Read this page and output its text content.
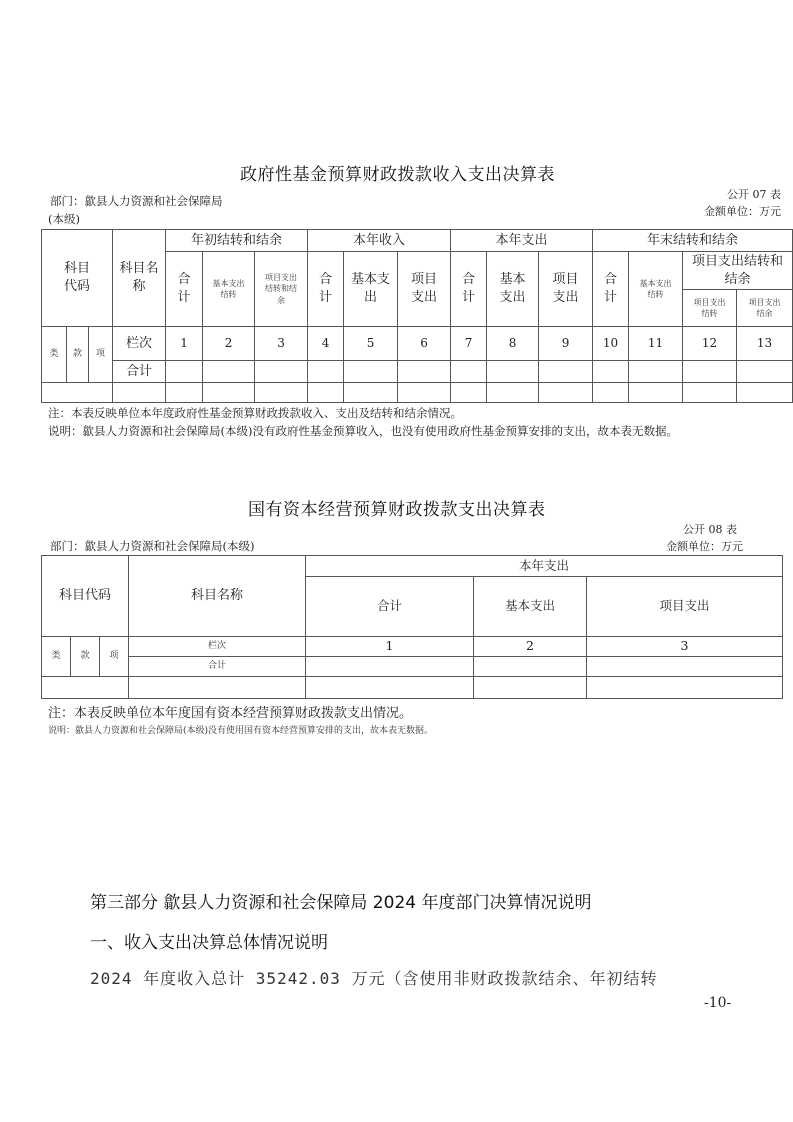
政府性基金预算财政拨款收入支出决算表
部门：歙县人力资源和社会保障局
(本级)
公开 07 表
金额单位：万元
科目代码			科目名称	年初结转和结余			本年收入			本年支出			年末结转和结余			
				合计	基本支出结转	项目支出结转和结余	合计	基本支出	项目支出	合计	基本支出	项目支出	合计	基本支出结转	项目支出结转和结余	
															项目支出结转	项目支出结余
类	款	项	栏次	1	2	3	4	5	6	7	8	9	10	11	12	13
			合计													

注：本表反映单位本年度政府性基金预算财政拨款收入、支出及结转和结余情况。
说明：歙县人力资源和社会保障局(本级)没有政府性基金预算收入，也没有使用政府性基金预算安排的支出，故本表无数据。
国有资本经营预算财政拨款支出决算表
公开 08 表
部门：歙县人力资源和社会保障局(本级)	金额单位：万元
科目代码			科目名称	本年支出		
				合计	基本支出	项目支出
类	款	项	栏次	1	2	3
			合计			

注：本表反映单位本年度国有资本经营预算财政拨款支出情况。
说明：歙县人力资源和社会保障局(本级)没有使用国有资本经营预算安排的支出，故本表无数据。
第三部分 歙县人力资源和社会保障局 2024 年度部门决算情况说明
一、收入支出决算总体情况说明
2024 年度收入总计 35242.03 万元（含使用非财政拨款结余、年初结转
-10-
